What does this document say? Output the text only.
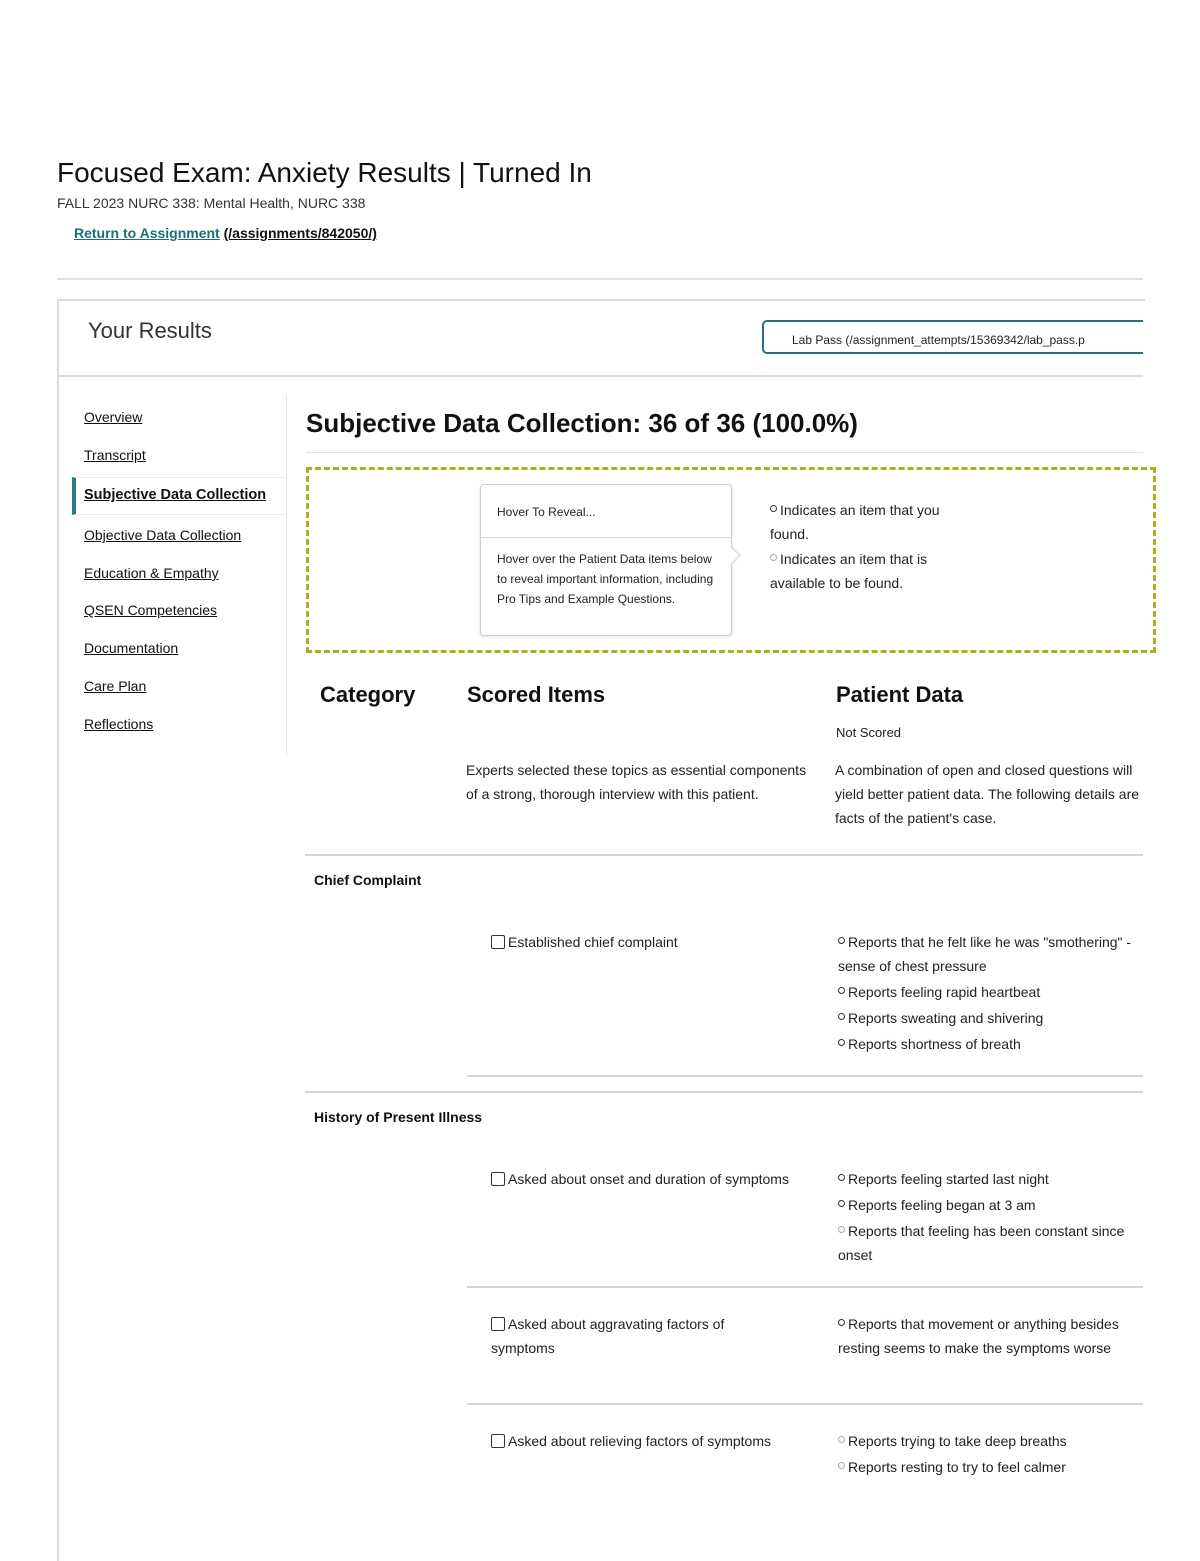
Focused Exam: Anxiety Results | Turned In
FALL 2023 NURC 338: Mental Health, NURC 338
Return to Assignment (/assignments/842050/)
Your Results	Lab Pass (/assignment_attempts/15369342/lab_pass.p
Overview
Transcript
Subjective Data Collection
Objective Data Collection
Education & Empathy
QSEN Competencies
Documentation
Care Plan
Reflections
Subjective Data Collection: 36 of 36 (100.0%)
Hover To Reveal...
Hover over the Patient Data items below to reveal important information, including Pro Tips and Example Questions.
Indicates an item that you found.
Indicates an item that is available to be found.
Category Scored Items	Patient Data
Not Scored
Experts selected these topics as essential components of a strong, thorough interview with this patient.
A combination of open and closed questions will yield better patient data. The following details are facts of the patient's case.
Chief Complaint
Established chief complaint	Reports that he felt like he was "smothering" - sense of chest pressure
Reports feeling rapid heartbeat
Reports sweating and shivering
Reports shortness of breath
History of Present Illness
Asked about onset and duration of symptoms	Reports feeling started last night
Reports feeling began at 3 am
Reports that feeling has been constant since onset
Asked about aggravating factors of symptoms
Reports that movement or anything besides resting seems to make the symptoms worse
Asked about relieving factors of symptoms	Reports trying to take deep breaths
Reports resting to try to feel calmer
